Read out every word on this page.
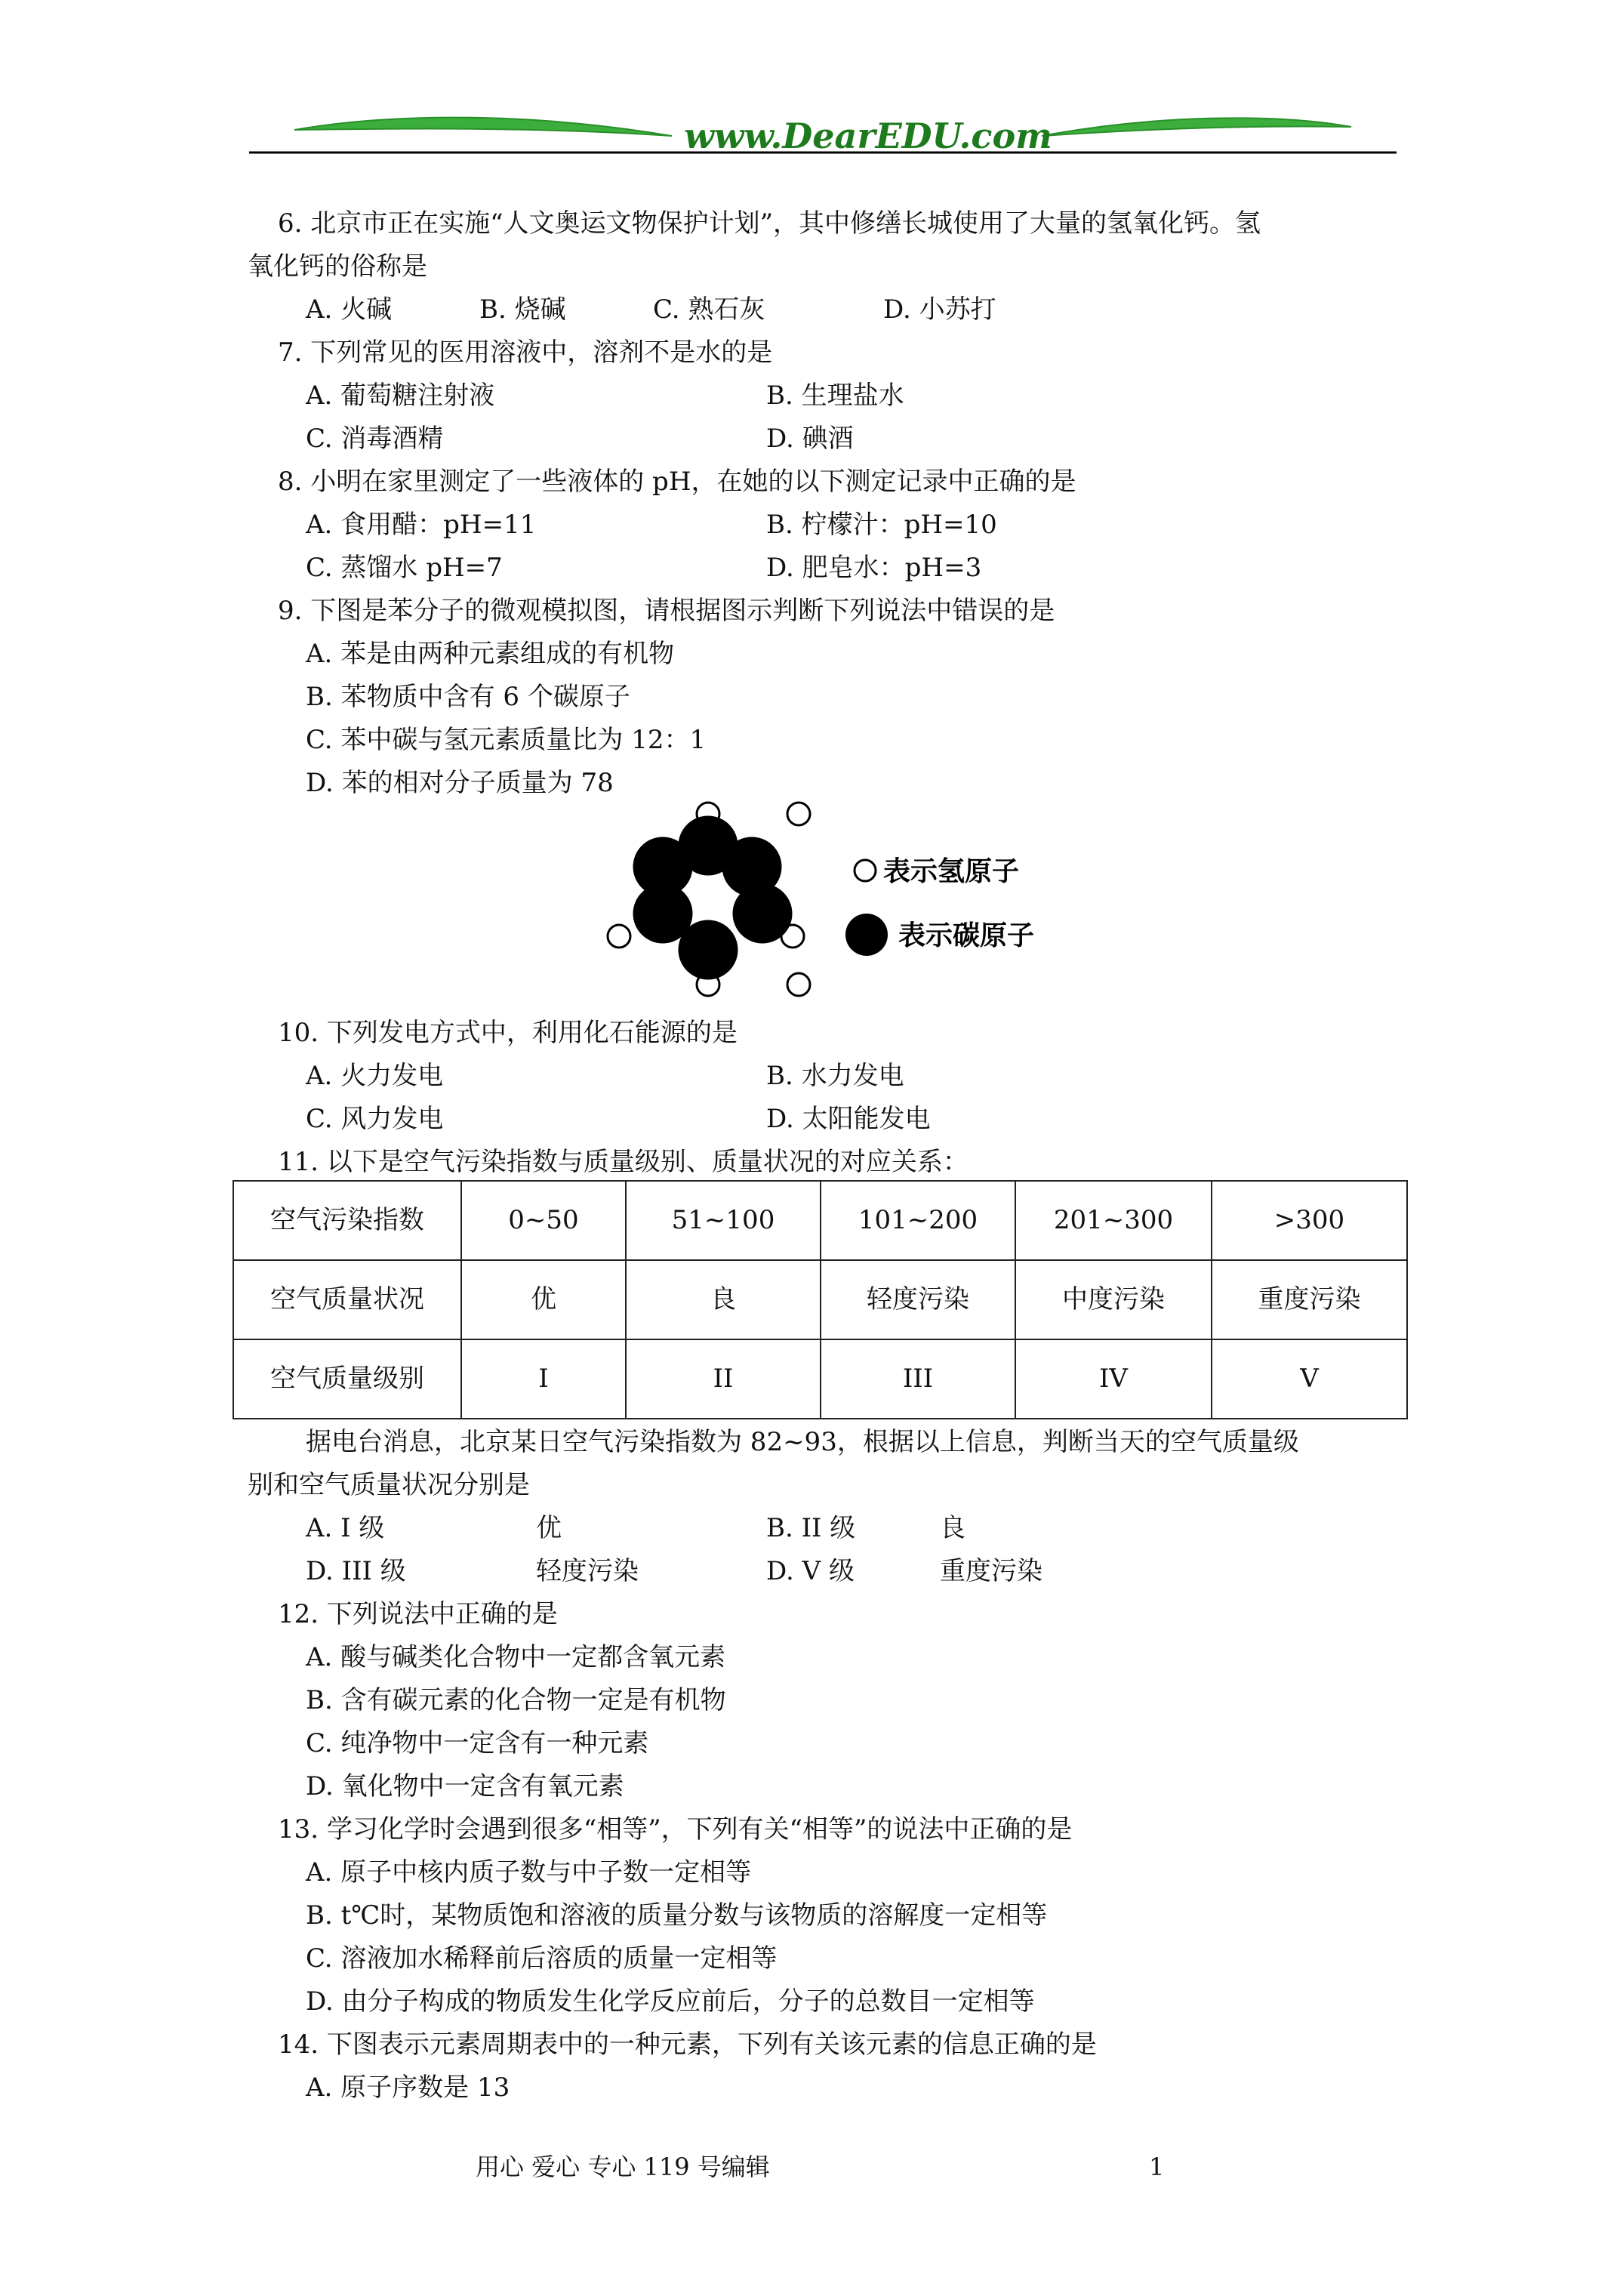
www.DearEDU.com
6. 北京市正在实施“人文奥运文物保护计划”，其中修缮长城使用了大量的氢氧化钙。氢
氧化钙的俗称是
A. 火碱	B. 烧碱	C. 熟石灰	D. 小苏打
7. 下列常见的医用溶液中，溶剂不是水的是
A. 葡萄糖注射液	B. 生理盐水
C. 消毒酒精	D. 碘酒
8. 小明在家里测定了一些液体的 pH，在她的以下测定记录中正确的是
A. 食用醋：pH=11	B. 柠檬汁：pH=10
C. 蒸馏水 pH=7	D. 肥皂水：pH=3
9. 下图是苯分子的微观模拟图，请根据图示判断下列说法中错误的是
A. 苯是由两种元素组成的有机物
B. 苯物质中含有 6 个碳原子
C. 苯中碳与氢元素质量比为 12：1
D. 苯的相对分子质量为 78
表示氢原子
表示碳原子
10. 下列发电方式中，利用化石能源的是
A. 火力发电	B. 水力发电
C. 风力发电	D. 太阳能发电
11. 以下是空气污染指数与质量级别、质量状况的对应关系：
空气污染指数	0~50	51~100	101~200	201~300	>300
空气质量状况	优	良	轻度污染	中度污染	重度污染
空气质量级别	I	II	III	IV	V
据电台消息，北京某日空气污染指数为 82~93，根据以上信息，判断当天的空气质量级
别和空气质量状况分别是
A. I 级	优	B. II 级	良
D. III 级	轻度污染	D. V 级	重度污染
12. 下列说法中正确的是
A. 酸与碱类化合物中一定都含氧元素
B. 含有碳元素的化合物一定是有机物
C. 纯净物中一定含有一种元素
D. 氧化物中一定含有氧元素
13. 学习化学时会遇到很多“相等”，下列有关“相等”的说法中正确的是
A. 原子中核内质子数与中子数一定相等
B. t℃时，某物质饱和溶液的质量分数与该物质的溶解度一定相等
C. 溶液加水稀释前后溶质的质量一定相等
D. 由分子构成的物质发生化学反应前后，分子的总数目一定相等
14. 下图表示元素周期表中的一种元素，下列有关该元素的信息正确的是
A. 原子序数是 13
用心 爱心 专心 119 号编辑	1
